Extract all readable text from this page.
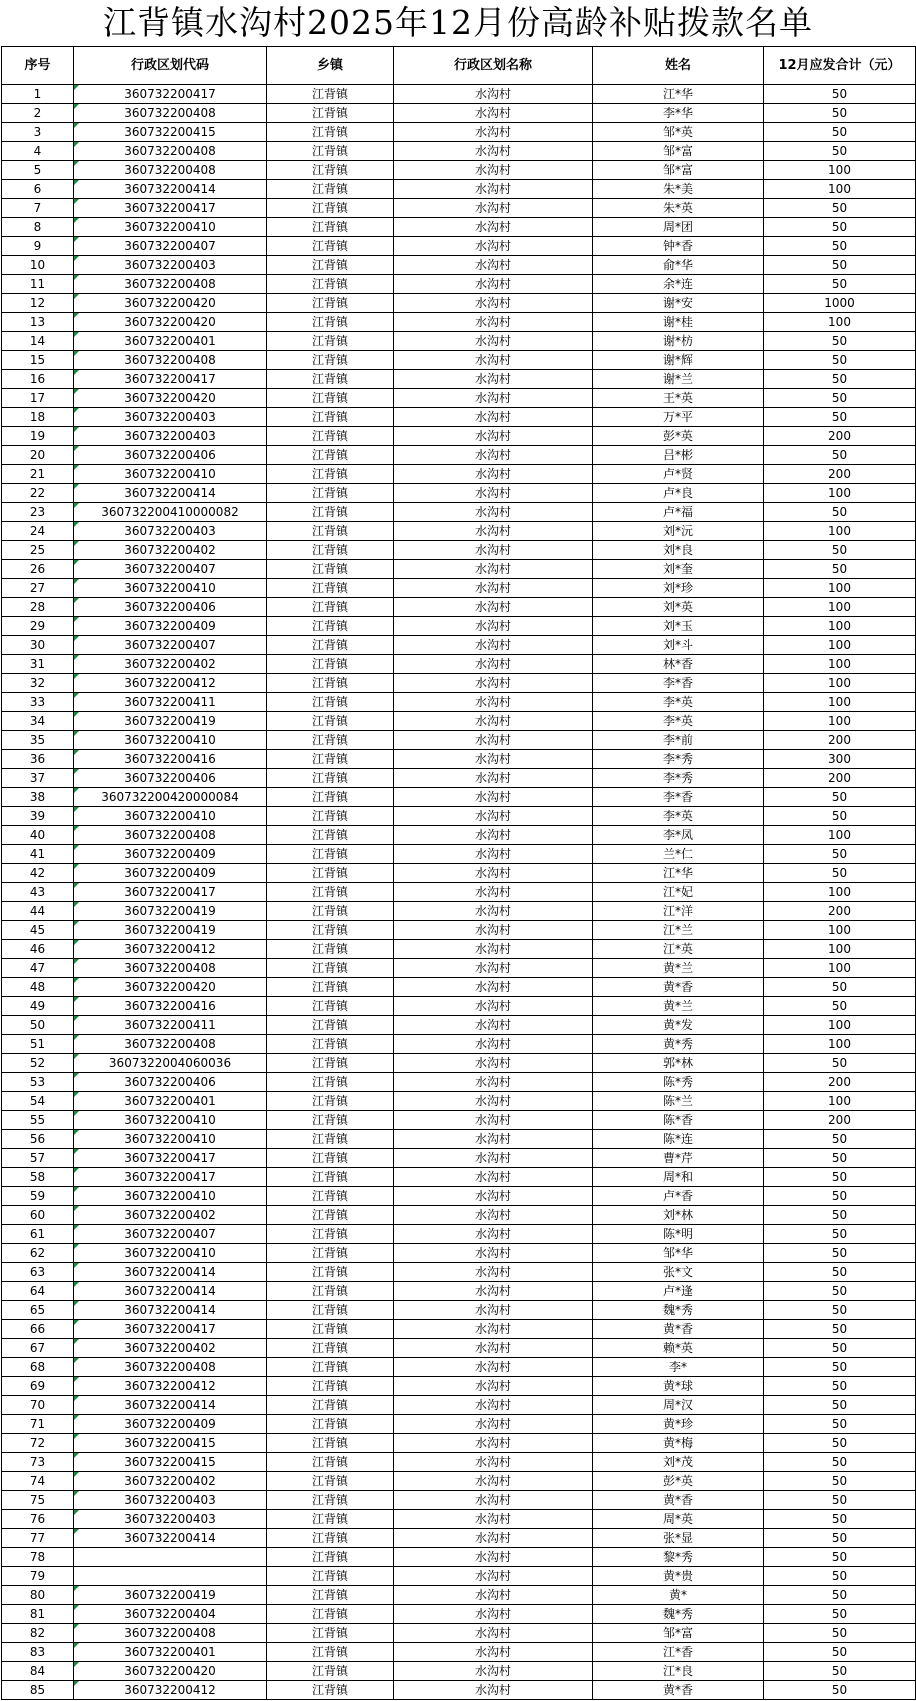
江背镇水沟村2025年12月份高龄补贴拨款名单
序号	行政区划代码	乡镇	行政区划名称	姓名	12月应发合计（元）
1	360732200417	江背镇	水沟村	江*华	50
2	360732200408	江背镇	水沟村	李*华	50
3	360732200415	江背镇	水沟村	邹*英	50
4	360732200408	江背镇	水沟村	邹*富	50
5	360732200408	江背镇	水沟村	邹*富	100
6	360732200414	江背镇	水沟村	朱*美	100
7	360732200417	江背镇	水沟村	朱*英	50
8	360732200410	江背镇	水沟村	周*团	50
9	360732200407	江背镇	水沟村	钟*香	50
10	360732200403	江背镇	水沟村	俞*华	50
11	360732200408	江背镇	水沟村	余*连	50
12	360732200420	江背镇	水沟村	谢*安	1000
13	360732200420	江背镇	水沟村	谢*桂	100
14	360732200401	江背镇	水沟村	谢*枋	50
15	360732200408	江背镇	水沟村	谢*辉	50
16	360732200417	江背镇	水沟村	谢*兰	50
17	360732200420	江背镇	水沟村	王*英	50
18	360732200403	江背镇	水沟村	万*平	50
19	360732200403	江背镇	水沟村	彭*英	200
20	360732200406	江背镇	水沟村	吕*彬	50
21	360732200410	江背镇	水沟村	卢*贤	200
22	360732200414	江背镇	水沟村	卢*良	100
23	360732200410000082	江背镇	水沟村	卢*福	50
24	360732200403	江背镇	水沟村	刘*沅	100
25	360732200402	江背镇	水沟村	刘*良	50
26	360732200407	江背镇	水沟村	刘*奎	50
27	360732200410	江背镇	水沟村	刘*珍	100
28	360732200406	江背镇	水沟村	刘*英	100
29	360732200409	江背镇	水沟村	刘*玉	100
30	360732200407	江背镇	水沟村	刘*斗	100
31	360732200402	江背镇	水沟村	林*香	100
32	360732200412	江背镇	水沟村	李*香	100
33	360732200411	江背镇	水沟村	李*英	100
34	360732200419	江背镇	水沟村	李*英	100
35	360732200410	江背镇	水沟村	李*前	200
36	360732200416	江背镇	水沟村	李*秀	300
37	360732200406	江背镇	水沟村	李*秀	200
38	360732200420000084	江背镇	水沟村	李*香	50
39	360732200410	江背镇	水沟村	李*英	50
40	360732200408	江背镇	水沟村	李*凤	100
41	360732200409	江背镇	水沟村	兰*仁	50
42	360732200409	江背镇	水沟村	江*华	50
43	360732200417	江背镇	水沟村	江*妃	100
44	360732200419	江背镇	水沟村	江*洋	200
45	360732200419	江背镇	水沟村	江*兰	100
46	360732200412	江背镇	水沟村	江*英	100
47	360732200408	江背镇	水沟村	黄*兰	100
48	360732200420	江背镇	水沟村	黄*香	50
49	360732200416	江背镇	水沟村	黄*兰	50
50	360732200411	江背镇	水沟村	黄*发	100
51	360732200408	江背镇	水沟村	黄*秀	100
52	3607322004060036	江背镇	水沟村	郭*林	50
53	360732200406	江背镇	水沟村	陈*秀	200
54	360732200401	江背镇	水沟村	陈*兰	100
55	360732200410	江背镇	水沟村	陈*香	200
56	360732200410	江背镇	水沟村	陈*连	50
57	360732200417	江背镇	水沟村	曹*芹	50
58	360732200417	江背镇	水沟村	周*和	50
59	360732200410	江背镇	水沟村	卢*香	50
60	360732200402	江背镇	水沟村	刘*林	50
61	360732200407	江背镇	水沟村	陈*明	50
62	360732200410	江背镇	水沟村	邹*华	50
63	360732200414	江背镇	水沟村	张*文	50
64	360732200414	江背镇	水沟村	卢*逢	50
65	360732200414	江背镇	水沟村	魏*秀	50
66	360732200417	江背镇	水沟村	黄*香	50
67	360732200402	江背镇	水沟村	赖*英	50
68	360732200408	江背镇	水沟村	李*	50
69	360732200412	江背镇	水沟村	黄*球	50
70	360732200414	江背镇	水沟村	周*汉	50
71	360732200409	江背镇	水沟村	黄*珍	50
72	360732200415	江背镇	水沟村	黄*梅	50
73	360732200415	江背镇	水沟村	刘*茂	50
74	360732200402	江背镇	水沟村	彭*英	50
75	360732200403	江背镇	水沟村	黄*香	50
76	360732200403	江背镇	水沟村	周*英	50
77	360732200414	江背镇	水沟村	张*显	50
78		江背镇	水沟村	黎*秀	50
79		江背镇	水沟村	黄*贵	50
80	360732200419	江背镇	水沟村	黄*	50
81	360732200404	江背镇	水沟村	魏*秀	50
82	360732200408	江背镇	水沟村	邹*富	50
83	360732200401	江背镇	水沟村	江*香	50
84	360732200420	江背镇	水沟村	江*良	50
85	360732200412	江背镇	水沟村	黄*香	50
